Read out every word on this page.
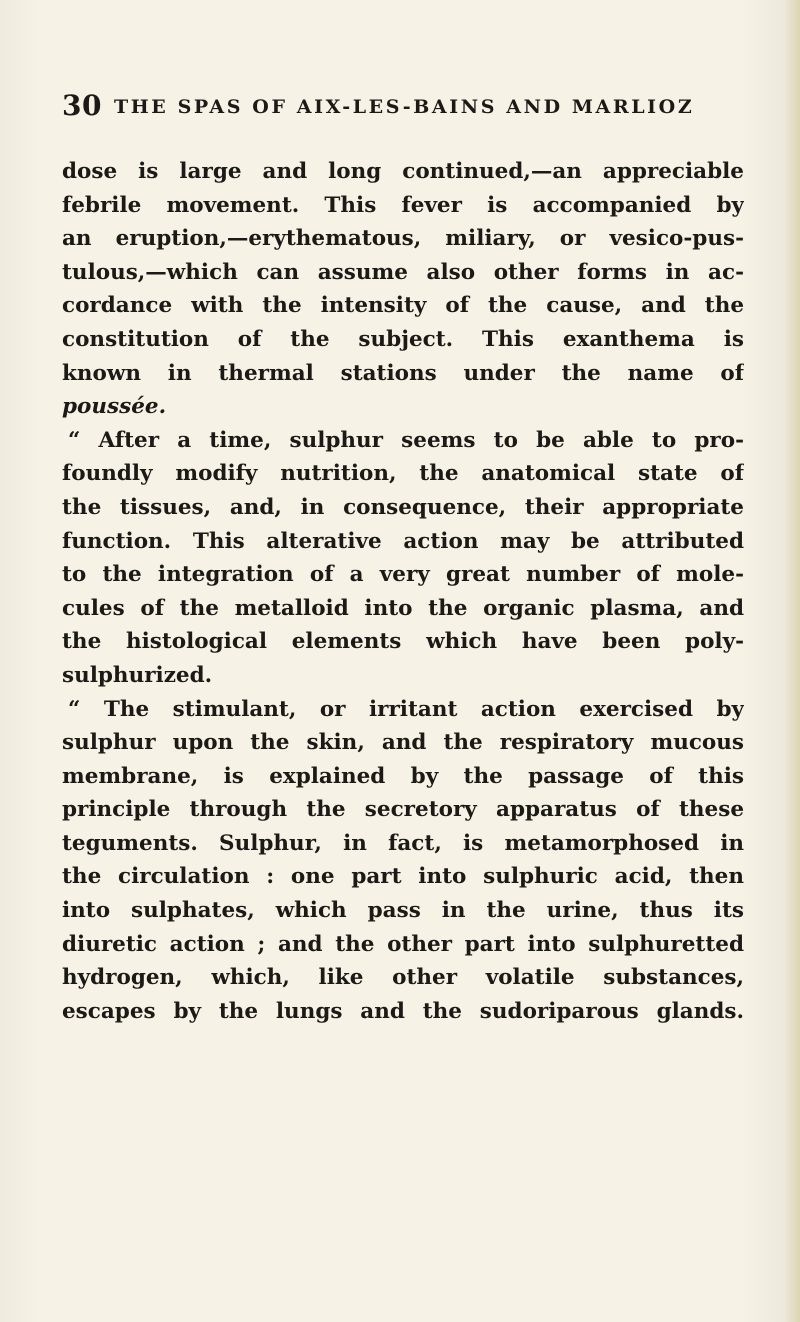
30 THE SPAS OF AIX-LES-BAINS AND MARLIOZ
dose is large and long continued,—an appreciable
febrile movement. This fever is accompanied by
an eruption,—erythematous, miliary, or vesico-pus-
tulous,—which can assume also other forms in ac-
cordance with the intensity of the cause, and the
constitution of the subject. This exanthema is
known in thermal stations under the name of
poussée.
“ After a time, sulphur seems to be able to pro-
foundly modify nutrition, the anatomical state of
the tissues, and, in consequence, their appropriate
function. This alterative action may be attributed
to the integration of a very great number of mole-
cules of the metalloid into the organic plasma, and
the histological elements which have been poly-
sulphurized.
“ The stimulant, or irritant action exercised by
sulphur upon the skin, and the respiratory mucous
membrane, is explained by the passage of this
principle through the secretory apparatus of these
teguments. Sulphur, in fact, is metamorphosed in
the circulation : one part into sulphuric acid, then
into sulphates, which pass in the urine, thus its
diuretic action ; and the other part into sulphuretted
hydrogen, which, like other volatile substances,
escapes by the lungs and the sudoriparous glands.
